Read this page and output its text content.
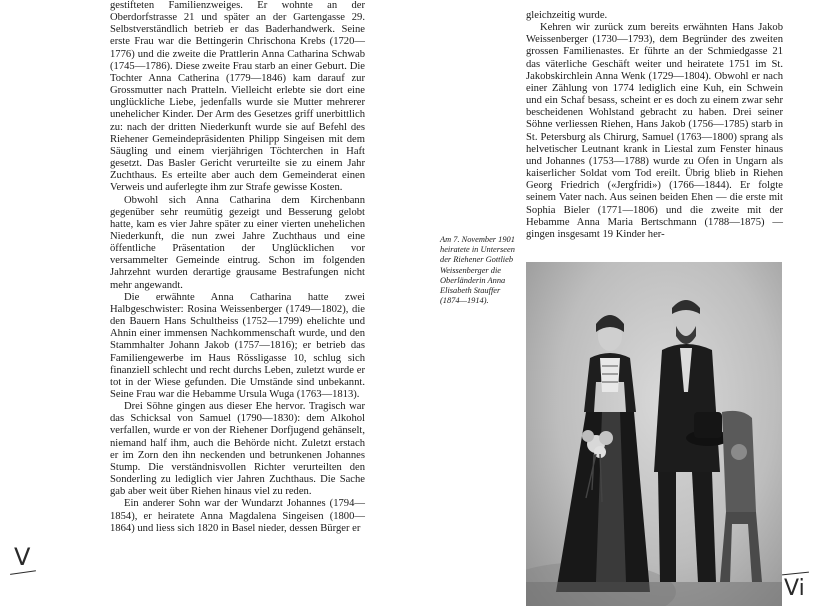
gestifteten Familienzweiges. Er wohnte an der Oberdorfstrasse 21 und später an der Gartengasse 29. Selbstverständlich betrieb er das Baderhandwerk. Seine erste Frau war die Bettingerin Chrischona Krebs (1720—1776) und die zweite die Prattlerin Anna Catharina Schwab (1745—1786). Diese zweite Frau starb an einer Geburt. Die Tochter Anna Catherina (1779—1846) kam darauf zur Grossmutter nach Pratteln. Vielleicht erlebte sie dort eine unglückliche Liebe, jedenfalls wurde sie Mutter mehrerer unehelicher Kinder. Der Arm des Gesetzes griff unerbittlich zu: nach der dritten Niederkunft wurde sie auf Befehl des Riehener Gemeindepräsidenten Philipp Singeisen mit dem Säugling und einem vierjährigen Töchterchen in Haft gesetzt. Das Basler Gericht verurteilte sie zu einem Jahr Zuchthaus. Es erteilte aber auch dem Gemeinderat einen Verweis und auferlegte ihm zur Strafe gewisse Kosten.

Obwohl sich Anna Catharina dem Kirchenbann gegenüber sehr reumütig gezeigt und Besserung gelobt hatte, kam es vier Jahre später zu einer vierten unehelichen Niederkunft, die nun zwei Jahre Zuchthaus und eine öffentliche Präsentation der Unglücklichen vor versammelter Gemeinde eintrug. Schon im folgenden Jahrzehnt wurden derartige grausame Bestrafungen nicht mehr angewandt.

Die erwähnte Anna Catharina hatte zwei Halbgeschwister: Rosina Weissenberger (1749—1802), die den Bauern Hans Schultheiss (1752—1799) ehelichte und Ahnin einer immensen Nachkommenschaft wurde, und den Stammhalter Johann Jakob (1757—1816); er betrieb das Familiengewerbe im Haus Rössligasse 10, schlug sich finanziell schlecht und recht durchs Leben, zuletzt wurde er tot in der Wiese gefunden. Die Umstände sind unbekannt. Seine Frau war die Hebamme Ursula Wuga (1763—1813).

Drei Söhne gingen aus dieser Ehe hervor. Tragisch war das Schicksal von Samuel (1790—1830): dem Alkohol verfallen, wurde er von der Riehener Dorfjugend gehänselt, niemand half ihm, auch die Behörde nicht. Zuletzt erstach er im Zorn den ihn neckenden und betrunkenen Johannes Stump. Die verständnisvollen Richter verurteilten den Sonderling zu lediglich vier Jahren Zuchthaus. Die Sache gab aber weit über Riehen hinaus viel zu reden.

Ein anderer Sohn war der Wundarzt Johannes (1794—1854), er heiratete Anna Magdalena Singeisen (1800—1864) und liess sich 1820 in Basel nieder, dessen Bürger er

gleichzeitig wurde.

Kehren wir zurück zum bereits erwähnten Hans Jakob Weissenberger (1730—1793), dem Begründer des zweiten grossen Familienastes. Er führte an der Schmiedgasse 21 das väterliche Geschäft weiter und heiratete 1751 im St. Jakobskirchlein Anna Wenk (1729—1804). Obwohl er nach einer Zählung von 1774 lediglich eine Kuh, ein Schwein und ein Schaf besass, scheint er es doch zu einem zwar sehr bescheidenen Wohlstand gebracht zu haben. Drei seiner Söhne verliessen Riehen, Hans Jakob (1756—1785) starb in St. Petersburg als Chirurg, Samuel (1763—1800) sprang als helvetischer Leutnant krank in Liestal zum Fenster hinaus und Johannes (1753—1788) wurde zu Ofen in Ungarn als kaiserlicher Soldat vom Tod ereilt. Übrig blieb in Riehen Georg Friedrich («Jergfridi») (1766—1844). Er folgte seinem Vater nach. Aus seinen beiden Ehen — die erste mit Sophia Bieler (1771—1806) und die zweite mit der Hebamme Anna Maria Bertschmann (1788—1875) — gingen insgesamt 19 Kinder her-

Am 7. November 1901 heiratete in Unterseen der Riehener Gottlieb Weissenberger die Oberländerin Anna Elisabeth Stauffer (1874—1914).
V
Vi
